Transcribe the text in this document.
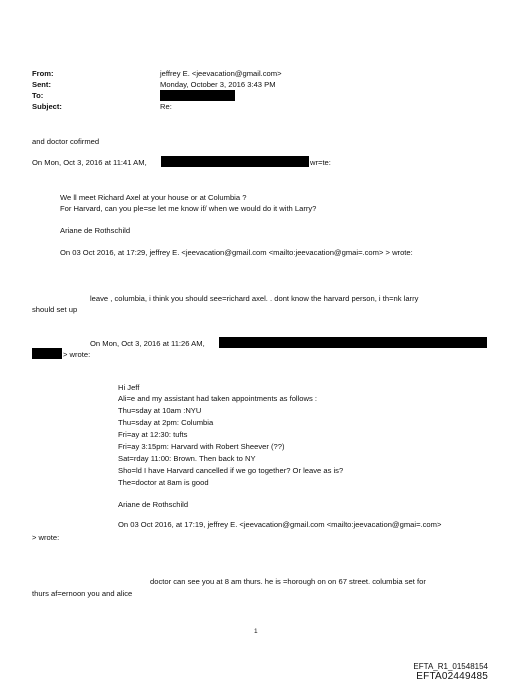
From:	jeffrey E. <jeevacation@gmail.com>
Sent:	Monday, October 3, 2016 3:43 PM
To:
Subject:	Re:
and doctor cofirmed
On Mon, Oct 3, 2016 at 11:41 AM,	wr=te:
We ll meet Richard Axel at your house or at Columbia ?
For Harvard, can you ple=se let me know if/ when we would do it with Larry?
Ariane de Rothschild
On 03 Oct 2016, at 17:29, jeffrey E. <jeevacation@gmail.com <mailto:jeevacation@gmai=.com> > wrote:
leave , columbia, i think you should see=richard axel. . dont know the harvard person, i th=nk larry
should set up
On Mon, Oct 3, 2016 at 11:26 AM,
> wrote:
Hi Jeff
Ali=e and my assistant had taken appointments as follows :
Thu=sday at 10am :NYU
Thu=sday at 2pm: Columbia
Fri=ay at 12:30: tufts
Fri=ay 3:15pm: Harvard with Robert Sheever (??)
Sat=rday 11:00: Brown. Then back to NY
Sho=ld I have Harvard cancelled if we go together? Or leave as is?
The=doctor at 8am is good
Ariane de Rothschild
On 03 Oct 2016, at 17:19, jeffrey E. <jeevacation@gmail.com <mailto:jeevacation@gmai=.com>
> wrote:
doctor can see you at 8 am thurs. he is =horough on on 67 street. columbia set for
thurs af=ernoon you and alice
1
EFTA_R1_01548154
EFTA02449485
